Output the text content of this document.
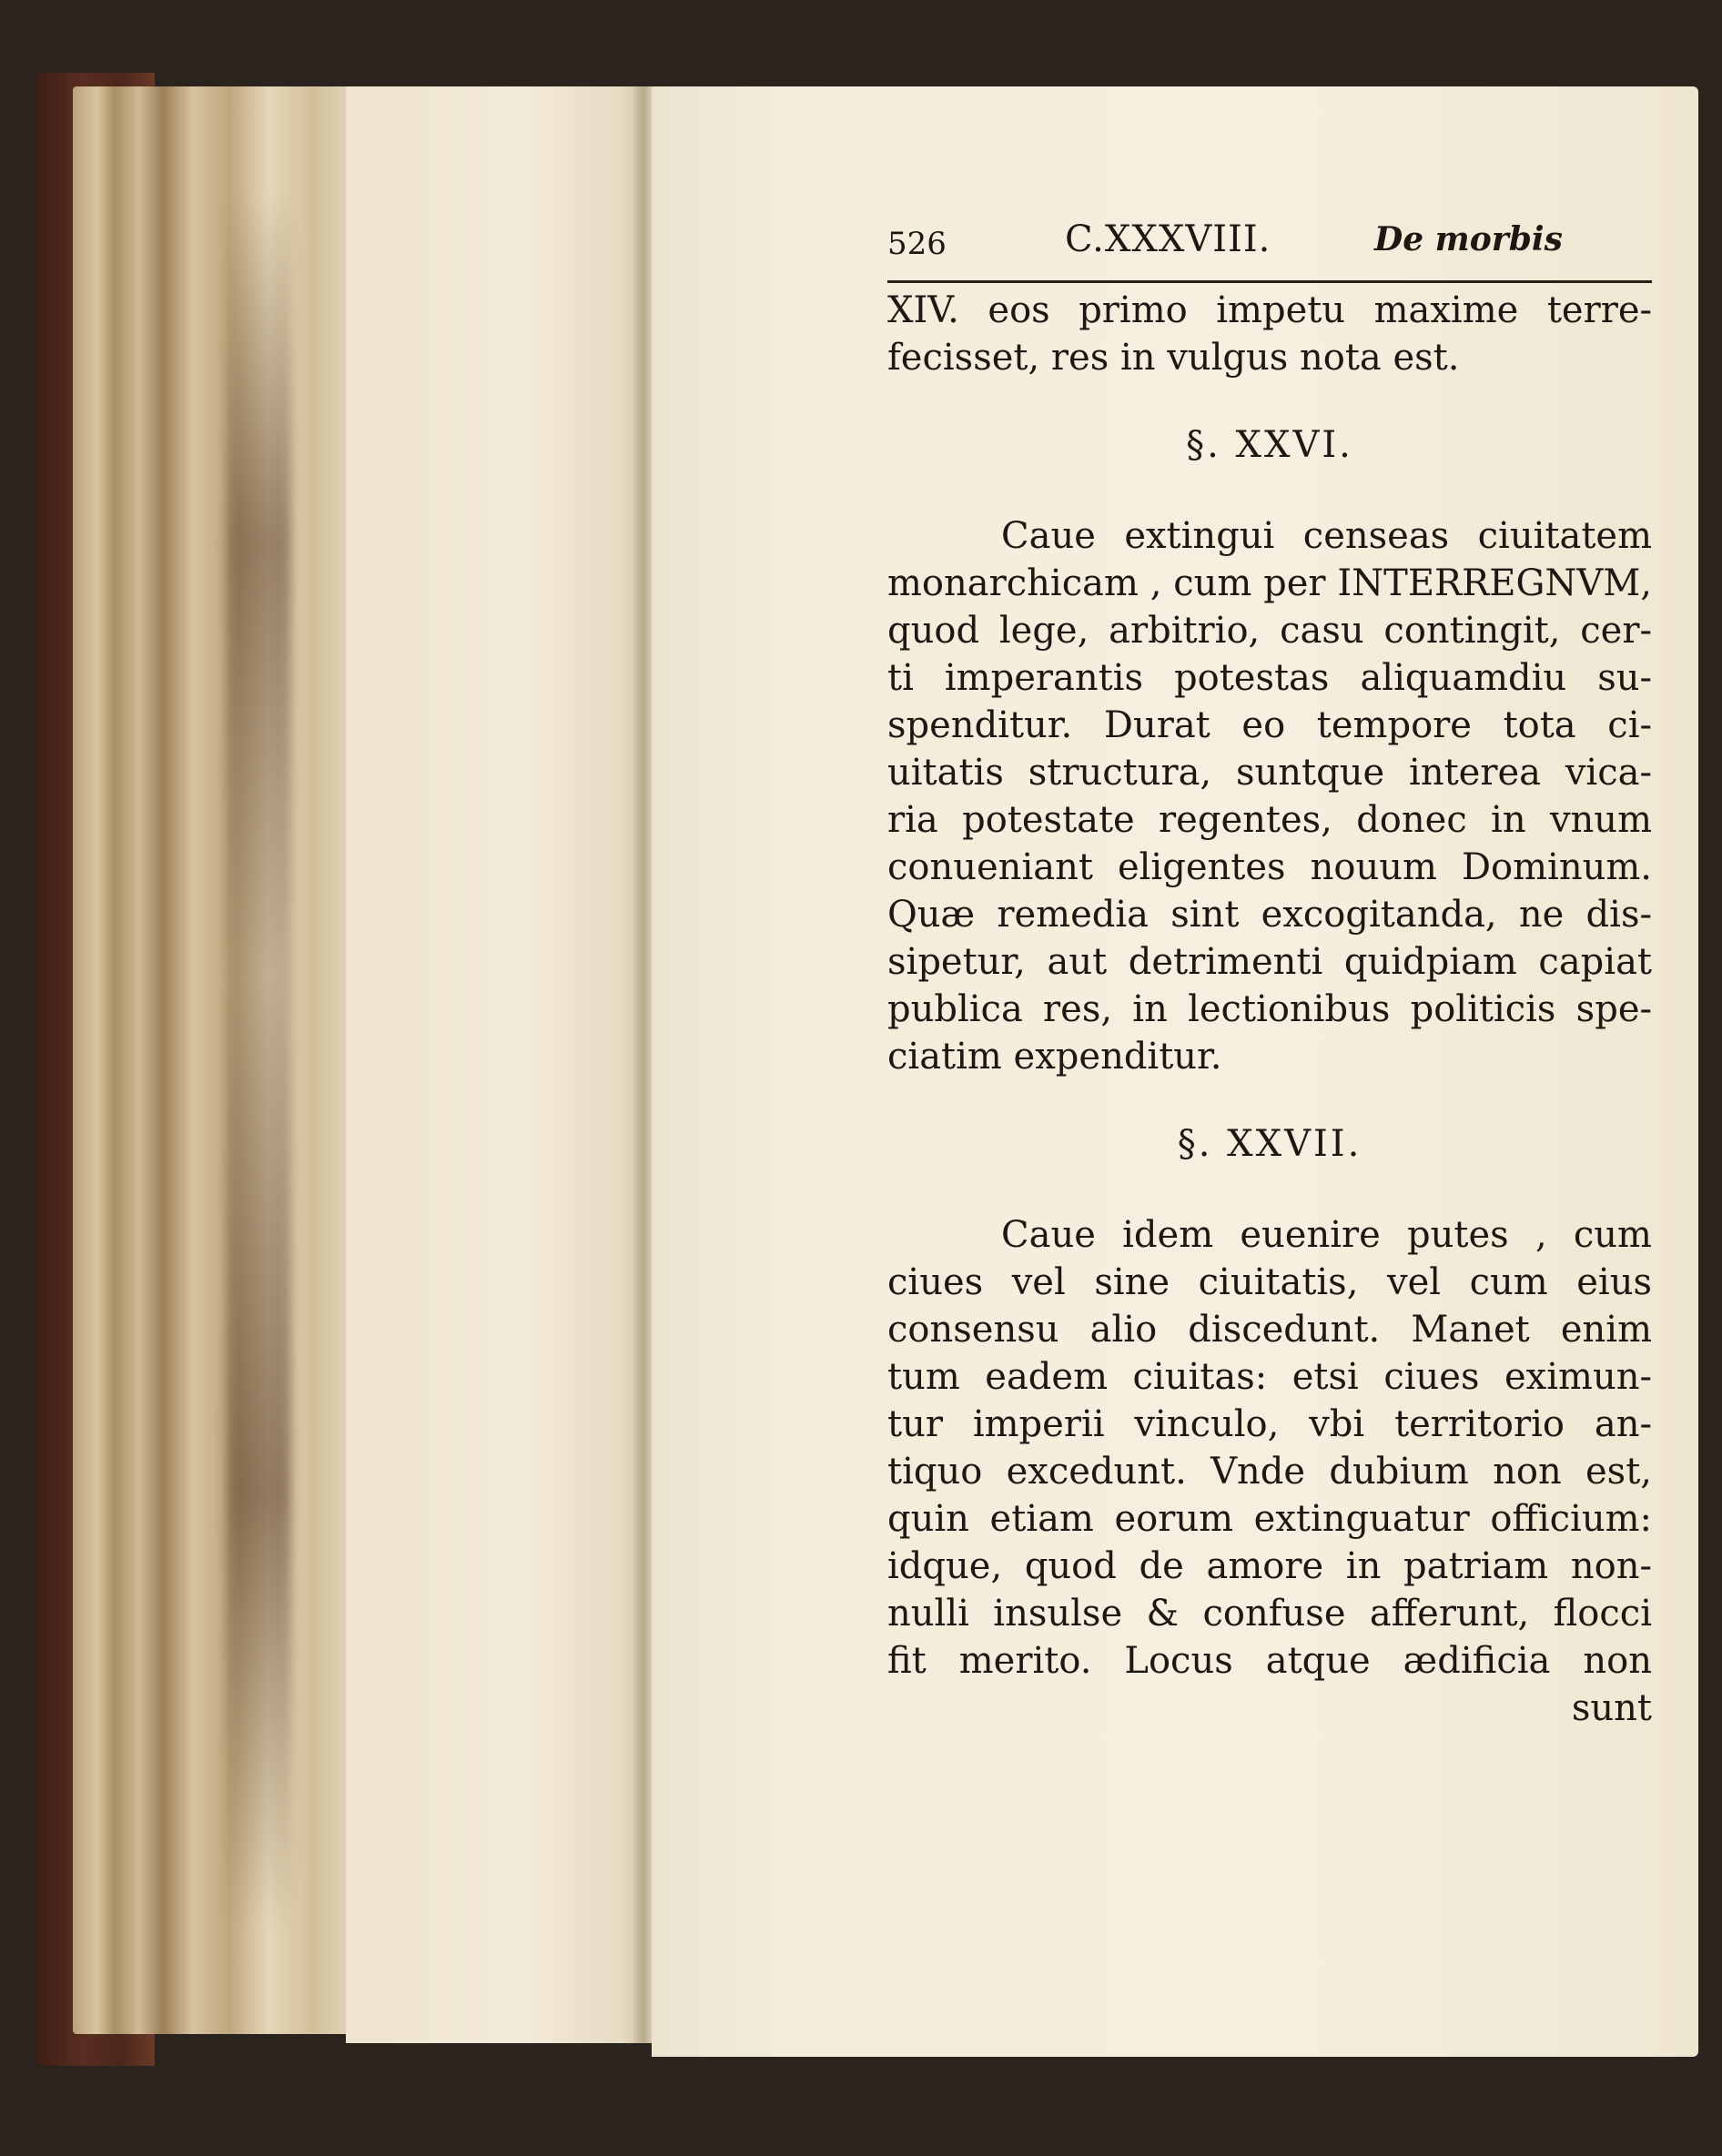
526	C.XXXVIII.	De morbis
XIV. eos primo impetu maxime terre-
fecisset, res in vulgus nota est.
§. XXVI.
Caue extingui censeas ciuitatem
monarchicam , cum per INTERREGNVM,
quod lege, arbitrio, casu contingit, cer-
ti imperantis potestas aliquamdiu su-
spenditur. Durat eo tempore tota ci-
uitatis structura, suntque interea vica-
ria potestate regentes, donec in vnum
conueniant eligentes nouum Dominum.
Quæ remedia sint excogitanda, ne dis-
sipetur, aut detrimenti quidpiam capiat
publica res, in lectionibus politicis spe-
ciatim expenditur.
§. XXVII.
Caue idem euenire putes , cum
ciues vel sine ciuitatis, vel cum eius
consensu alio discedunt. Manet enim
tum eadem ciuitas: etsi ciues eximun-
tur imperii vinculo, vbi territorio an-
tiquo excedunt. Vnde dubium non est,
quin etiam eorum extinguatur officium:
idque, quod de amore in patriam non-
nulli insulse & confuse afferunt, flocci
fit merito. Locus atque ædificia non
sunt
